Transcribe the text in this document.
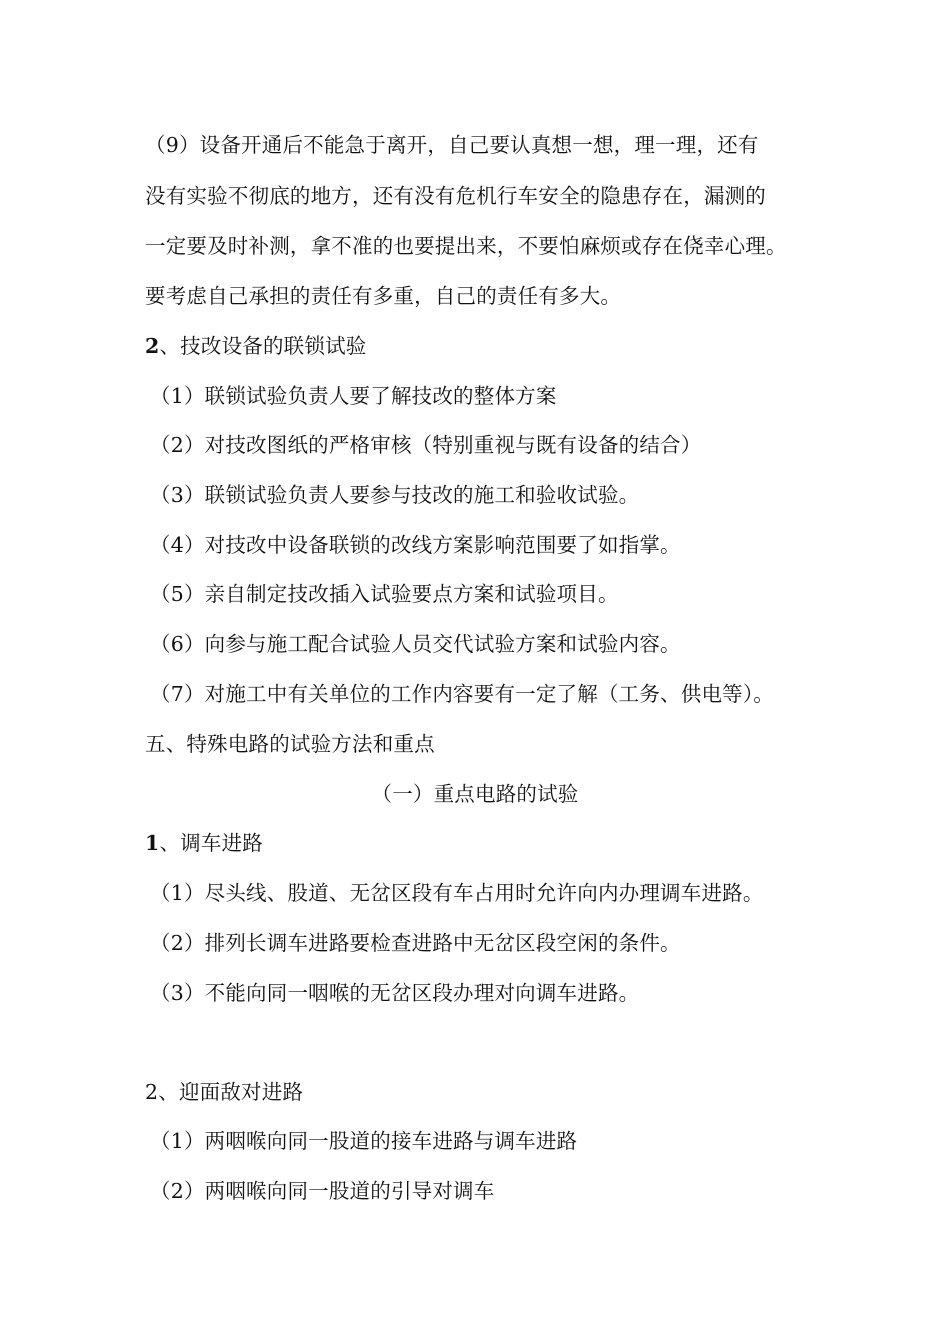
（9）设备开通后不能急于离开，自己要认真想一想，理一理，还有
没有实验不彻底的地方，还有没有危机行车安全的隐患存在，漏测的
一定要及时补测，拿不准的也要提出来，不要怕麻烦或存在侥幸心理。
要考虑自己承担的责任有多重，自己的责任有多大。
2、技改设备的联锁试验
（1）联锁试验负责人要了解技改的整体方案
（2）对技改图纸的严格审核（特别重视与既有设备的结合）
（3）联锁试验负责人要参与技改的施工和验收试验。
（4）对技改中设备联锁的改线方案影响范围要了如指掌。
（5）亲自制定技改插入试验要点方案和试验项目。
（6）向参与施工配合试验人员交代试验方案和试验内容。
（7）对施工中有关单位的工作内容要有一定了解（工务、供电等）。
五、特殊电路的试验方法和重点
（一）重点电路的试验
1、调车进路
（1）尽头线、股道、无岔区段有车占用时允许向内办理调车进路。
（2）排列长调车进路要检查进路中无岔区段空闲的条件。
（3）不能向同一咽喉的无岔区段办理对向调车进路。
2、迎面敌对进路
（1）两咽喉向同一股道的接车进路与调车进路
（2）两咽喉向同一股道的引导对调车
